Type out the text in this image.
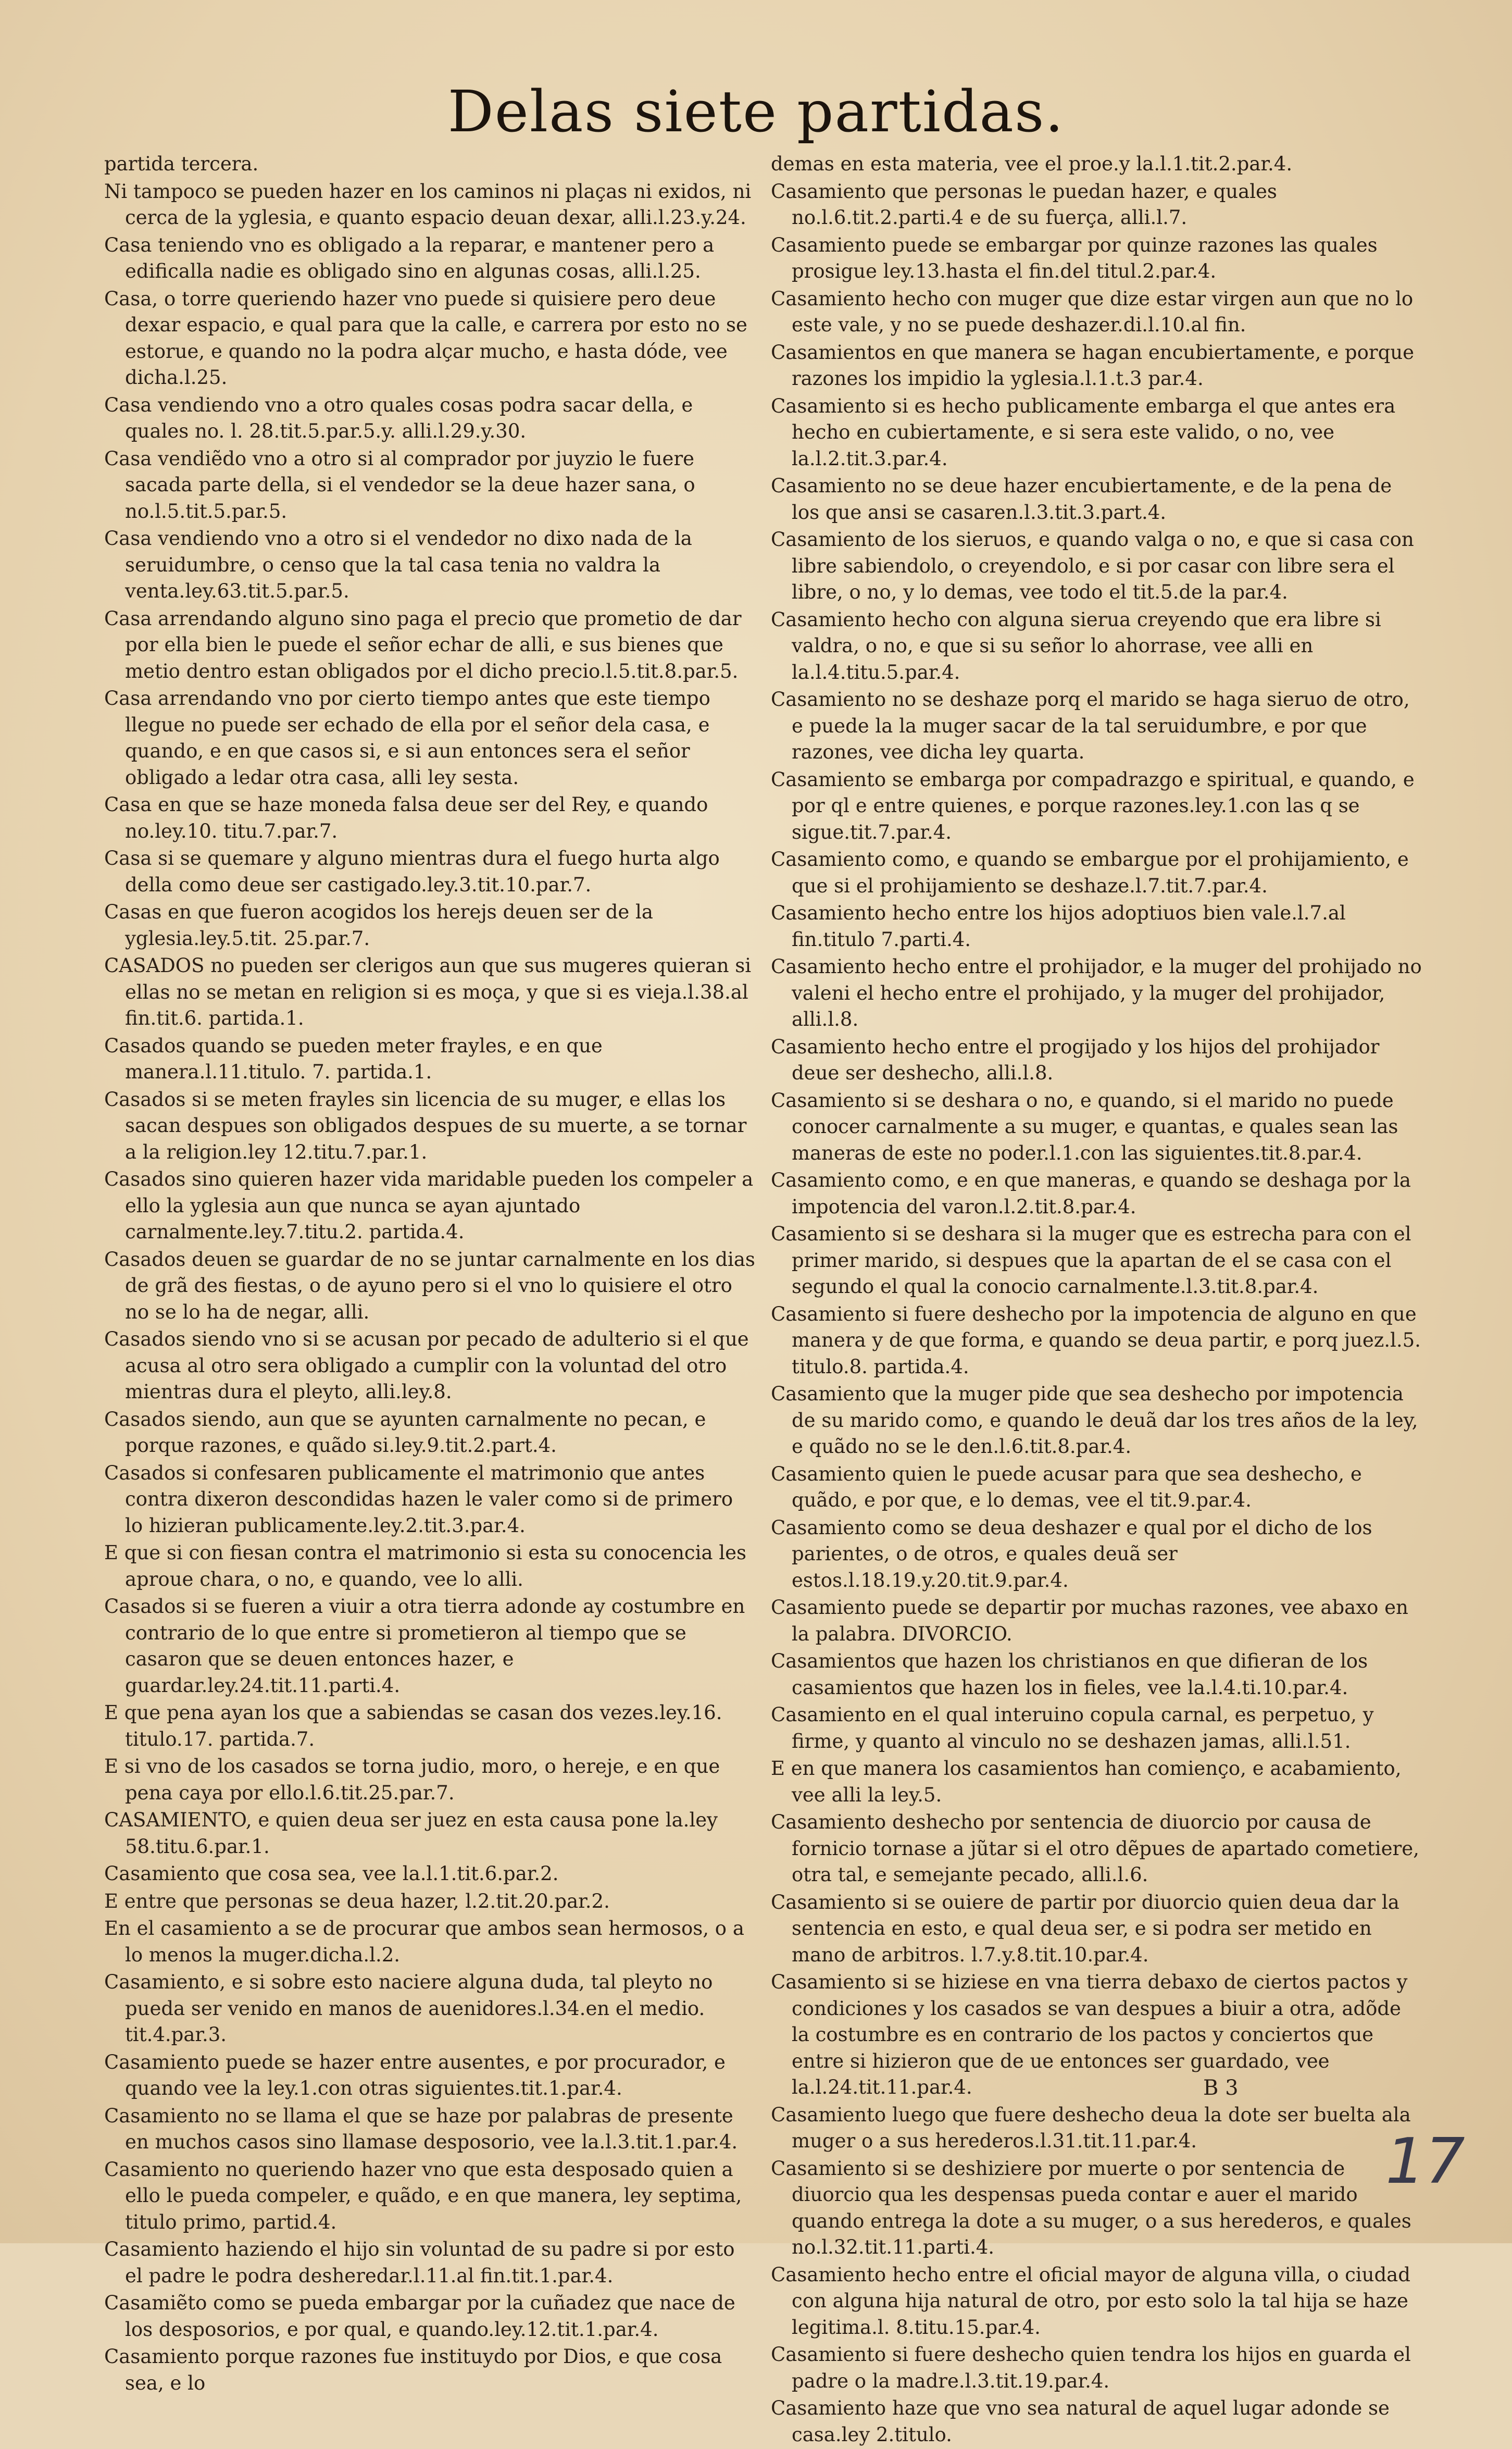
Delas siete partidas.

partida tercera.

Ni tampoco se pueden hazer en los caminos ni plaças ni exidos, ni cerca de la yglesia, e quanto espacio deuan dexar, alli.l.23.y.24.

Casa teniendo vno es obligado a la reparar, e mantener pero a edificalla nadie es obligado sino en algunas cosas, alli.l.25.

Casa, o torre queriendo hazer vno puede si quisiere pero deue dexar espacio, e qual para que la calle, e carrera por esto no se estorue, e quando no la podra alçar mucho, e hasta dóde, vee dicha.l.25.

Casa vendiendo vno a otro quales cosas podra sacar della, e quales no. l. 28.tit.5.par.5.y. alli.l.29.y.30.

Casa vendiẽdo vno a otro si al comprador por juyzio le fuere sacada parte della, si el vendedor se la deue hazer sana, o no.l.5.tit.5.par.5.

Casa vendiendo vno a otro si el vendedor no dixo nada de la seruidumbre, o censo que la tal casa tenia no valdra la venta.ley.63.tit.5.par.5.

Casa arrendando alguno sino paga el precio que prometio de dar por ella bien le puede el señor echar de alli, e sus bienes que metio dentro estan obligados por el dicho precio.l.5.tit.8.par.5.

Casa arrendando vno por cierto tiempo antes que este tiempo llegue no puede ser echado de ella por el señor dela casa, e quando, e en que casos si, e si aun entonces sera el señor obligado a ledar otra casa, alli ley sesta.

Casa en que se haze moneda falsa deue ser del Rey, e quando no.ley.10. titu.7.par.7.

Casa si se quemare y alguno mientras dura el fuego hurta algo della como deue ser castigado.ley.3.tit.10.par.7.

Casas en que fueron acogidos los herejs deuen ser de la yglesia.ley.5.tit. 25.par.7.

CASADOS no pueden ser clerigos aun que sus mugeres quieran si ellas no se metan en religion si es moça, y que si es vieja.l.38.al fin.tit.6. partida.1.

Casados quando se pueden meter frayles, e en que manera.l.11.titulo. 7. partida.1.

Casados si se meten frayles sin licencia de su muger, e ellas los sacan despues son obligados despues de su muerte, a se tornar a la religion.ley 12.titu.7.par.1.

Casados sino quieren hazer vida maridable pueden los compeler a ello la yglesia aun que nunca se ayan ajuntado carnalmente.ley.7.titu.2. partida.4.

Casados deuen se guardar de no se juntar carnalmente en los dias de grã des fiestas, o de ayuno pero si el vno lo quisiere el otro no se lo ha de negar, alli.

Casados siendo vno si se acusan por pecado de adulterio si el que acusa al otro sera obligado a cumplir con la voluntad del otro mientras dura el pleyto, alli.ley.8.

Casados siendo, aun que se ayunten carnalmente no pecan, e porque razones, e quãdo si.ley.9.tit.2.part.4.

Casados si confesaren publicamente el matrimonio que antes contra dixeron descondidas hazen le valer como si de primero lo hizieran publicamente.ley.2.tit.3.par.4.

E que si con fiesan contra el matrimonio si esta su conocencia les aproue chara, o no, e quando, vee lo alli.

Casados si se fueren a viuir a otra tierra adonde ay costumbre en contrario de lo que entre si prometieron al tiempo que se casaron que se deuen entonces hazer, e guardar.ley.24.tit.11.parti.4.

E que pena ayan los que a sabiendas se casan dos vezes.ley.16. titulo.17. partida.7.

E si vno de los casados se torna judio, moro, o hereje, e en que pena caya por ello.l.6.tit.25.par.7.

CASAMIENTO, e quien deua ser juez en esta causa pone la.ley 58.titu.6.par.1.

Casamiento que cosa sea, vee la.l.1.tit.6.par.2.

E entre que personas se deua hazer, l.2.tit.20.par.2.

En el casamiento a se de procurar que ambos sean hermosos, o a lo menos la muger.dicha.l.2.

Casamiento, e si sobre esto naciere alguna duda, tal pleyto no pueda ser venido en manos de auenidores.l.34.en el medio. tit.4.par.3.

Casamiento puede se hazer entre ausentes, e por procurador, e quando vee la ley.1.con otras siguientes.tit.1.par.4.

Casamiento no se llama el que se haze por palabras de presente en muchos casos sino llamase desposorio, vee la.l.3.tit.1.par.4.

Casamiento no queriendo hazer vno que esta desposado quien a ello le pueda compeler, e quãdo, e en que manera, ley septima, titulo primo, partid.4.

Casamiento haziendo el hijo sin voluntad de su padre si por esto el padre le podra desheredar.l.11.al fin.tit.1.par.4.

Casamiẽto como se pueda embargar por la cuñadez que nace de los desposorios, e por qual, e quando.ley.12.tit.1.par.4.

Casamiento porque razones fue instituydo por Dios, e que cosa sea, e lo

demas en esta materia, vee el proe.y la.l.1.tit.2.par.4.

Casamiento que personas le puedan hazer, e quales no.l.6.tit.2.parti.4 e de su fuerça, alli.l.7.

Casamiento puede se embargar por quinze razones las quales prosigue ley.13.hasta el fin.del titul.2.par.4.

Casamiento hecho con muger que dize estar virgen aun que no lo este vale, y no se puede deshazer.di.l.10.al fin.

Casamientos en que manera se hagan encubiertamente, e porque razones los impidio la yglesia.l.1.t.3 par.4.

Casamiento si es hecho publicamente embarga el que antes era hecho en cubiertamente, e si sera este valido, o no, vee la.l.2.tit.3.par.4.

Casamiento no se deue hazer encubiertamente, e de la pena de los que ansi se casaren.l.3.tit.3.part.4.

Casamiento de los sieruos, e quando valga o no, e que si casa con libre sabiendolo, o creyendolo, e si por casar con libre sera el libre, o no, y lo demas, vee todo el tit.5.de la par.4.

Casamiento hecho con alguna sierua creyendo que era libre si valdra, o no, e que si su señor lo ahorrase, vee alli en la.l.4.titu.5.par.4.

Casamiento no se deshaze porq el marido se haga sieruo de otro, e puede la la muger sacar de la tal seruidumbre, e por que razones, vee dicha ley quarta.

Casamiento se embarga por compadrazgo e spiritual, e quando, e por ql e entre quienes, e porque razones.ley.1.con las q se sigue.tit.7.par.4.

Casamiento como, e quando se embargue por el prohijamiento, e que si el prohijamiento se deshaze.l.7.tit.7.par.4.

Casamiento hecho entre los hijos adoptiuos bien vale.l.7.al fin.titulo 7.parti.4.

Casamiento hecho entre el prohijador, e la muger del prohijado no valeni el hecho entre el prohijado, y la muger del prohijador, alli.l.8.

Casamiento hecho entre el progijado y los hijos del prohijador deue ser deshecho, alli.l.8.

Casamiento si se deshara o no, e quando, si el marido no puede conocer carnalmente a su muger, e quantas, e quales sean las maneras de este no poder.l.1.con las siguientes.tit.8.par.4.

Casamiento como, e en que maneras, e quando se deshaga por la impotencia del varon.l.2.tit.8.par.4.

Casamiento si se deshara si la muger que es estrecha para con el primer marido, si despues que la apartan de el se casa con el segundo el qual la conocio carnalmente.l.3.tit.8.par.4.

Casamiento si fuere deshecho por la impotencia de alguno en que manera y de que forma, e quando se deua partir, e porq juez.l.5. titulo.8. partida.4.

Casamiento que la muger pide que sea deshecho por impotencia de su marido como, e quando le deuã dar los tres años de la ley, e quãdo no se le den.l.6.tit.8.par.4.

Casamiento quien le puede acusar para que sea deshecho, e quãdo, e por que, e lo demas, vee el tit.9.par.4.

Casamiento como se deua deshazer e qual por el dicho de los parientes, o de otros, e quales deuã ser estos.l.18.19.y.20.tit.9.par.4.

Casamiento puede se departir por muchas razones, vee abaxo en la palabra. DIVORCIO.

Casamientos que hazen los christianos en que difieran de los casamientos que hazen los in fieles, vee la.l.4.ti.10.par.4.

Casamiento en el qual interuino copula carnal, es perpetuo, y firme, y quanto al vinculo no se deshazen jamas, alli.l.51.

E en que manera los casamientos han comienço, e acabamiento, vee alli la ley.5.

Casamiento deshecho por sentencia de diuorcio por causa de fornicio tornase a jũtar si el otro dẽpues de apartado cometiere, otra tal, e semejante pecado, alli.l.6.

Casamiento si se ouiere de partir por diuorcio quien deua dar la sentencia en esto, e qual deua ser, e si podra ser metido en mano de arbitros. l.7.y.8.tit.10.par.4.

Casamiento si se hiziese en vna tierra debaxo de ciertos pactos y condiciones y los casados se van despues a biuir a otra, adõde la costumbre es en contrario de los pactos y conciertos que entre si hizieron que de ue entonces ser guardado, vee la.l.24.tit.11.par.4.

Casamiento luego que fuere deshecho deua la dote ser buelta ala muger o a sus herederos.l.31.tit.11.par.4.

Casamiento si se deshiziere por muerte o por sentencia de diuorcio qua les despensas pueda contar e auer el marido quando entrega la dote a su muger, o a sus herederos, e quales no.l.32.tit.11.parti.4.

Casamiento hecho entre el oficial mayor de alguna villa, o ciudad con alguna hija natural de otro, por esto solo la tal hija se haze legitima.l. 8.titu.15.par.4.

Casamiento si fuere deshecho quien tendra los hijos en guarda el padre o la madre.l.3.tit.19.par.4.

Casamiento haze que vno sea natural de aquel lugar adonde se casa.ley 2.titulo.

B 3
17
